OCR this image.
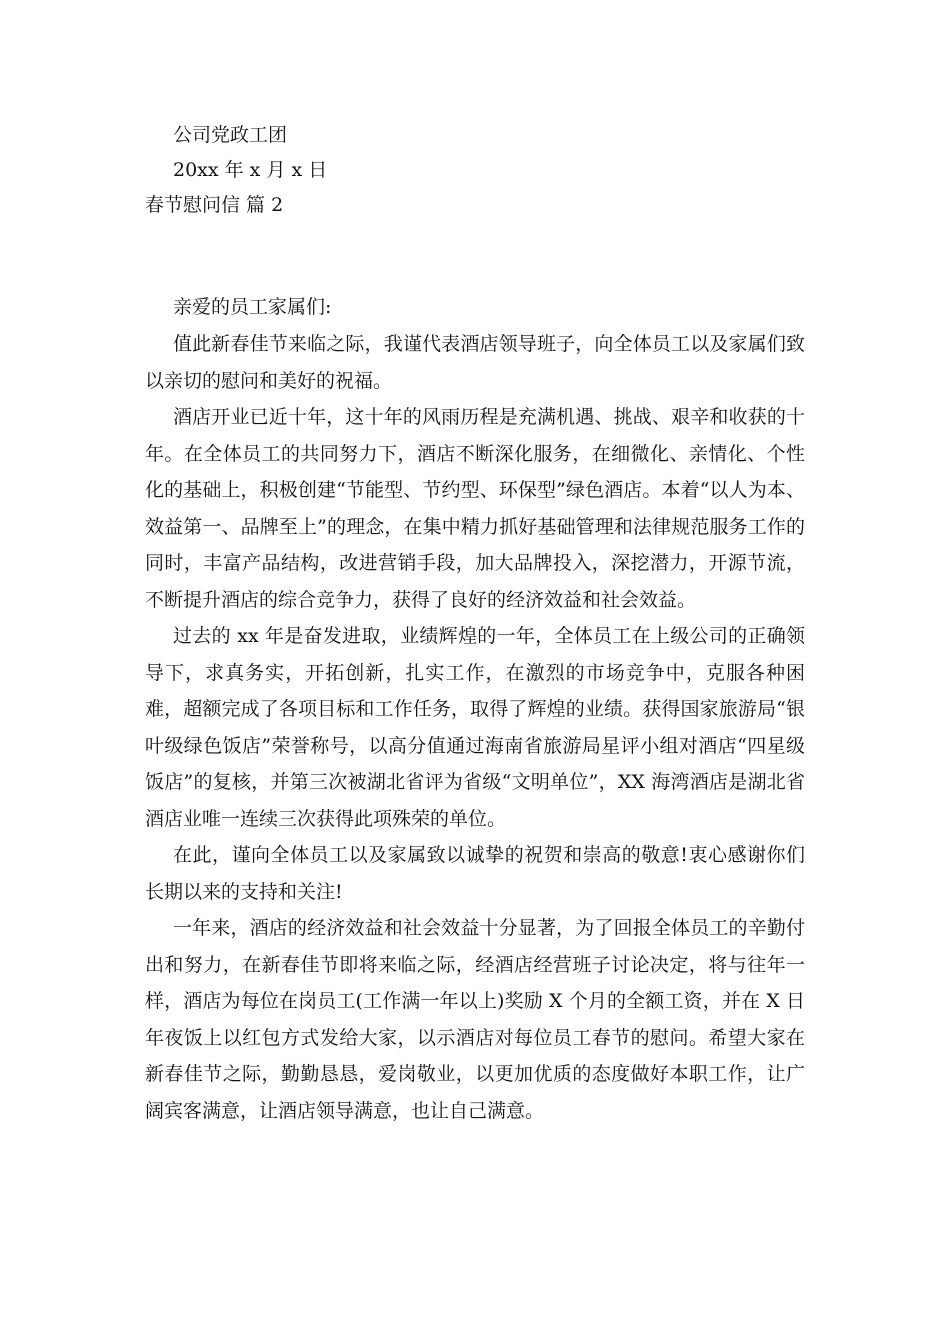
公司党政工团
20xx 年 x 月 x 日
春节慰问信 篇 2
亲爱的员工家属们:

值此新春佳节来临之际，我谨代表酒店领导班子，向全体员工以及家属们致以亲切的慰问和美好的祝福。

酒店开业已近十年，这十年的风雨历程是充满机遇、挑战、艰辛和收获的十年。在全体员工的共同努力下，酒店不断深化服务，在细微化、亲情化、个性化的基础上，积极创建“节能型、节约型、环保型”绿色酒店。本着“以人为本、效益第一、品牌至上”的理念，在集中精力抓好基础管理和法律规范服务工作的同时，丰富产品结构，改进营销手段，加大品牌投入，深挖潜力，开源节流，不断提升酒店的综合竞争力，获得了良好的经济效益和社会效益。

过去的 xx 年是奋发进取，业绩辉煌的一年，全体员工在上级公司的正确领导下，求真务实，开拓创新，扎实工作，在激烈的市场竞争中，克服各种困难，超额完成了各项目标和工作任务，取得了辉煌的业绩。获得国家旅游局“银叶级绿色饭店”荣誉称号，以高分值通过海南省旅游局星评小组对酒店“四星级饭店”的复核，并第三次被湖北省评为省级“文明单位”，XX 海湾酒店是湖北省酒店业唯一连续三次获得此项殊荣的单位。

在此，谨向全体员工以及家属致以诚挚的祝贺和崇高的敬意!衷心感谢你们长期以来的支持和关注!

一年来，酒店的经济效益和社会效益十分显著，为了回报全体员工的辛勤付出和努力，在新春佳节即将来临之际，经酒店经营班子讨论决定，将与往年一样，酒店为每位在岗员工(工作满一年以上)奖励 X 个月的全额工资，并在 X 日年夜饭上以红包方式发给大家，以示酒店对每位员工春节的慰问。希望大家在新春佳节之际，勤勤恳恳，爱岗敬业，以更加优质的态度做好本职工作，让广阔宾客满意，让酒店领导满意，也让自己满意。
